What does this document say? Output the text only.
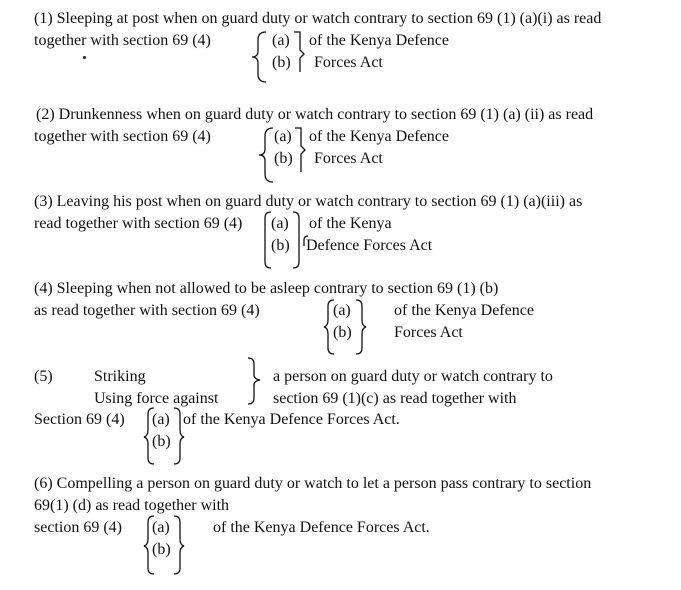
(1) Sleeping at post when on guard duty or watch contrary to section 69 (1) (a)(i) as read
together with section 69 (4)	(a)
(b)
of the Kenya Defence
Forces Act
(2) Drunkenness when on guard duty or watch contrary to section 69 (1) (a) (ii) as read
together with section 69 (4)	(a)
(b)
of the Kenya Defence
Forces Act
(3) Leaving his post when on guard duty or watch contrary to section 69 (1) (a)(iii) as
read together with section 69 (4) (a)
(b)
of the Kenya
Defence Forces Act
(4) Sleeping when not allowed to be asleep contrary to section 69 (1) (b)
as read together with section 69 (4)	(a)
(b)
of the Kenya Defence
Forces Act
(5)	Striking
Using force against
a person on guard duty or watch contrary to
section 69 (1)(c) as read together with
Section 69 (4) (a)
(b)
of the Kenya Defence Forces Act.
(6) Compelling a person on guard duty or watch to let a person pass contrary to section
69(1) (d) as read together with
section 69 (4) (a)
(b)
of the Kenya Defence Forces Act.
